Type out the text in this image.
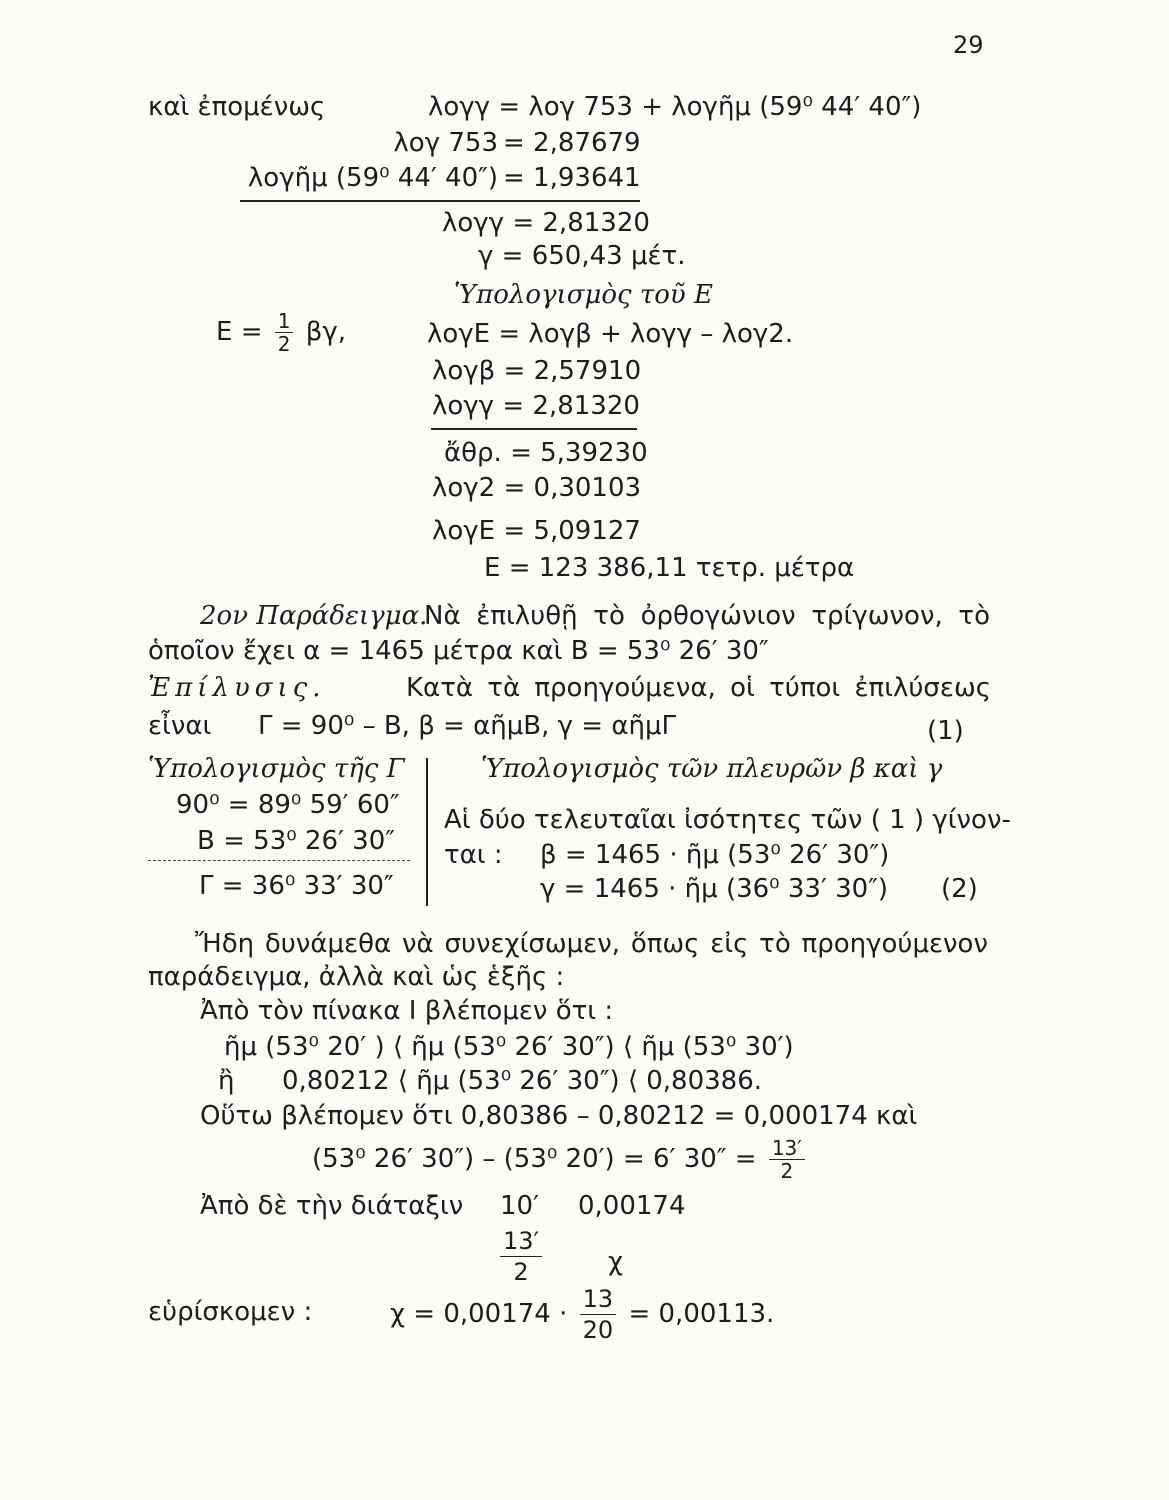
29
καὶ ἐπομένως	λογγ = λογ 753 + λογῆμ (59⁰ 44′ 40″)
λογ 753 = 2,87679
λογῆμ (59⁰ 44′ 40″) = 1,93641
λογγ = 2,81320
γ = 650,43 μέτ.
Ὑπολογισμὸς τοῦ Ε
$E = \frac{1}{2} \beta\gamma$,	λογΕ = λογβ + λογγ – λογ2.
λογβ = 2,57910
λογγ = 2,81320
ἄθρ. = 5,39230
λογ2 = 0,30103
λογΕ = 5,09127
Ε = 123 386,11 τετρ. μέτρα
2ον Παράδειγμα.
Νὰ ἐπιλυθῇ τὸ ὀρθογώνιον τρίγωνον, τὸ
ὁποῖον ἔχει α = 1465 μέτρα καὶ Β = 53⁰ 26′ 30″
Ἐπίλυσις.	Κατὰ τὰ προηγούμενα, οἱ τύποι ἐπιλύσεως
εἶναι Γ = 90⁰ – Β, β = αῆμΒ, γ = αῆμΓ	(1)
Ὑπολογισμὸς τῆς Γ
90⁰ = 89⁰ 59′ 60″
Β = 53⁰ 26′ 30″
Γ = 36⁰ 33′ 30″
Ὑπολογισμὸς τῶν πλευρῶν β καὶ γ
Αἱ δύο τελευταῖαι ἰσότητες τῶν ( 1 ) γίνον-
ται : β = 1465 · ῆμ (53⁰ 26′ 30″)
γ = 1465 · ῆμ (36⁰ 33′ 30″) (2)
Ἤδη δυνάμεθα νὰ συνεχίσωμεν, ὅπως εἰς τὸ προηγούμενον
παράδειγμα, ἀλλὰ καὶ ὡς ἑξῆς :
Ἀπὸ τὸν πίνακα Ι βλέπομεν ὅτι :
ῆμ (53⁰ 20′ ) ⟨ ῆμ (53⁰ 26′ 30″) ⟨ ῆμ (53⁰ 30′)
ἢ 0,80212 ⟨ ῆμ (53⁰ 26′ 30″) ⟨ 0,80386.
Οὕτω βλέπομεν ὅτι 0,80386 – 0,80212 = 0,000174 καὶ
(53⁰ 26′ 30″) – (53⁰ 20′) = 6′ $30'' = \frac{13'}{2}$
Ἀπὸ δὲ τὴν διάταξιν 10′ 0,00174
$\frac{13'}{2}$	χ
εὑρίσκομεν :	$\chi = 0,00174 \cdot \frac{13}{20} = 0,00113$.
